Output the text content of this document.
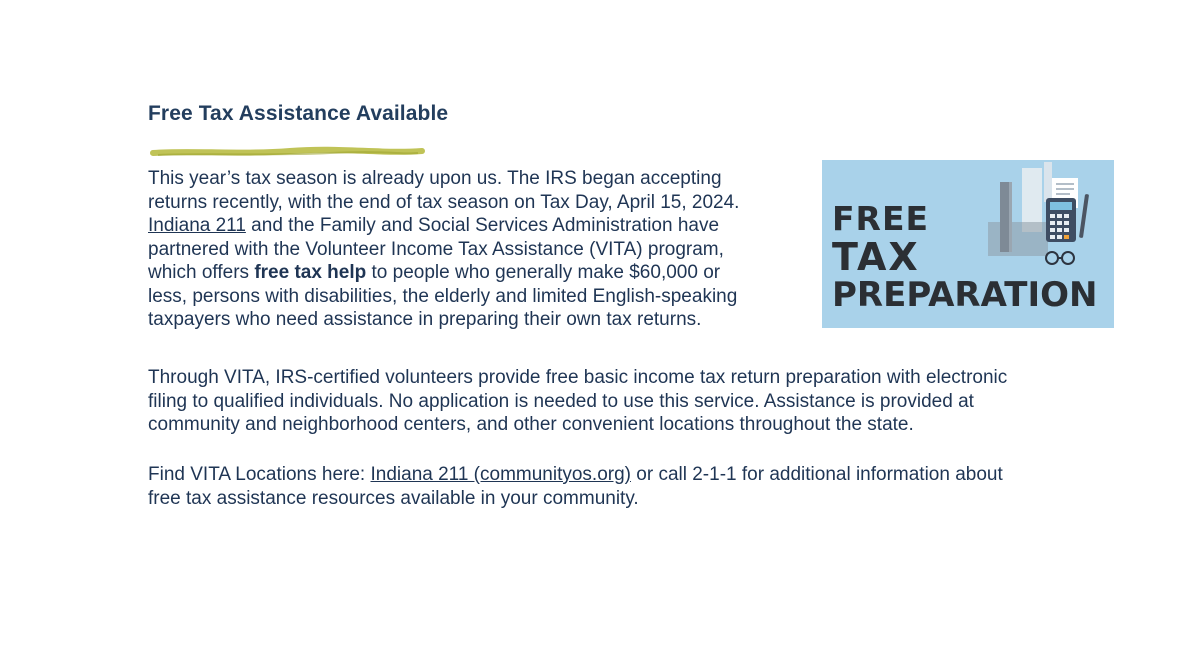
Free Tax Assistance Available
This year’s tax season is already upon us. The IRS began accepting
returns recently, with the end of tax season on Tax Day, April 15, 2024.
Indiana 211 and the Family and Social Services Administration have
partnered with the Volunteer Income Tax Assistance (VITA) program,
which offers free tax help to people who generally make $60,000 or
less, persons with disabilities, the elderly and limited English-speaking
taxpayers who need assistance in preparing their own tax returns.
FREE
TAX
PREPARATION
Through VITA, IRS-certified volunteers provide free basic income tax return preparation with electronic
filing to qualified individuals. No application is needed to use this service. Assistance is provided at
community and neighborhood centers, and other convenient locations throughout the state.
Find VITA Locations here: Indiana 211 (communityos.org) or call 2-1-1 for additional information about
free tax assistance resources available in your community.
